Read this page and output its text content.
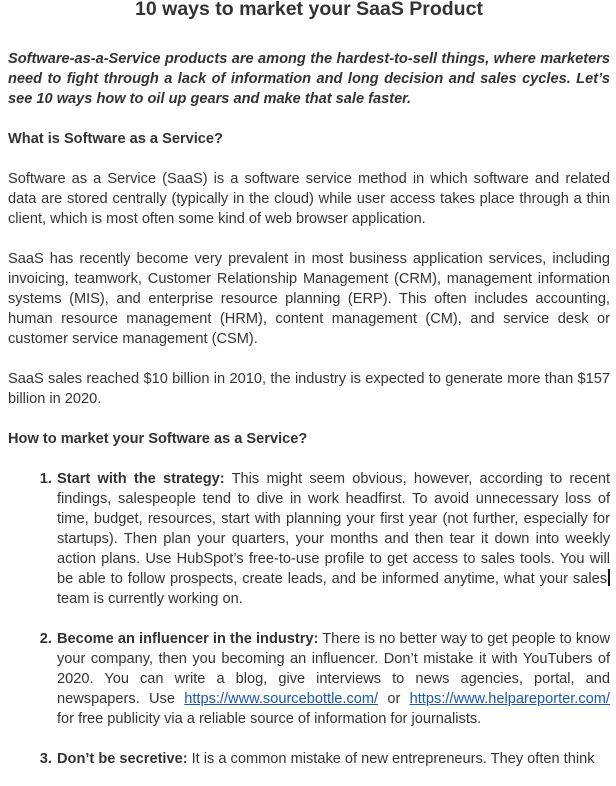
10 ways to market your SaaS Product
Software-as-a-Service products are among the hardest-to-sell things, where marketers need to fight through a lack of information and long decision and sales cycles. Let’s see 10 ways how to oil up gears and make that sale faster.
What is Software as a Service?

Software as a Service (SaaS) is a software service method in which software and related data are stored centrally (typically in the cloud) while user access takes place through a thin client, which is most often some kind of web browser application.

SaaS has recently become very prevalent in most business application services, including invoicing, teamwork, Customer Relationship Management (CRM), management information systems (MIS), and enterprise resource planning (ERP). This often includes accounting, human resource management (HRM), content management (CM), and service desk or customer service management (CSM).

SaaS sales reached $10 billion in 2010, the industry is expected to generate more than $157 billion in 2020.

How to market your Software as a Service?
1. Start with the strategy: This might seem obvious, however, according to recent findings, salespeople tend to dive in work headfirst. To avoid unnecessary loss of time, budget, resources, start with planning your first year (not further, especially for startups). Then plan your quarters, your months and then tear it down into weekly action plans. Use HubSpot’s free-to-use profile to get access to sales tools. You will be able to follow prospects, create leads, and be informed anytime, what your sales team is currently working on.
2. Become an influencer in the industry: There is no better way to get people to know your company, then you becoming an influencer. Don’t mistake it with YouTubers of 2020. You can write a blog, give interviews to news agencies, portal, and newspapers. Use https://www.sourcebottle.com/ or https://www.helpareporter.com/ for free publicity via a reliable source of information for journalists.
3. Don’t be secretive: It is a common mistake of new entrepreneurs. They often think
